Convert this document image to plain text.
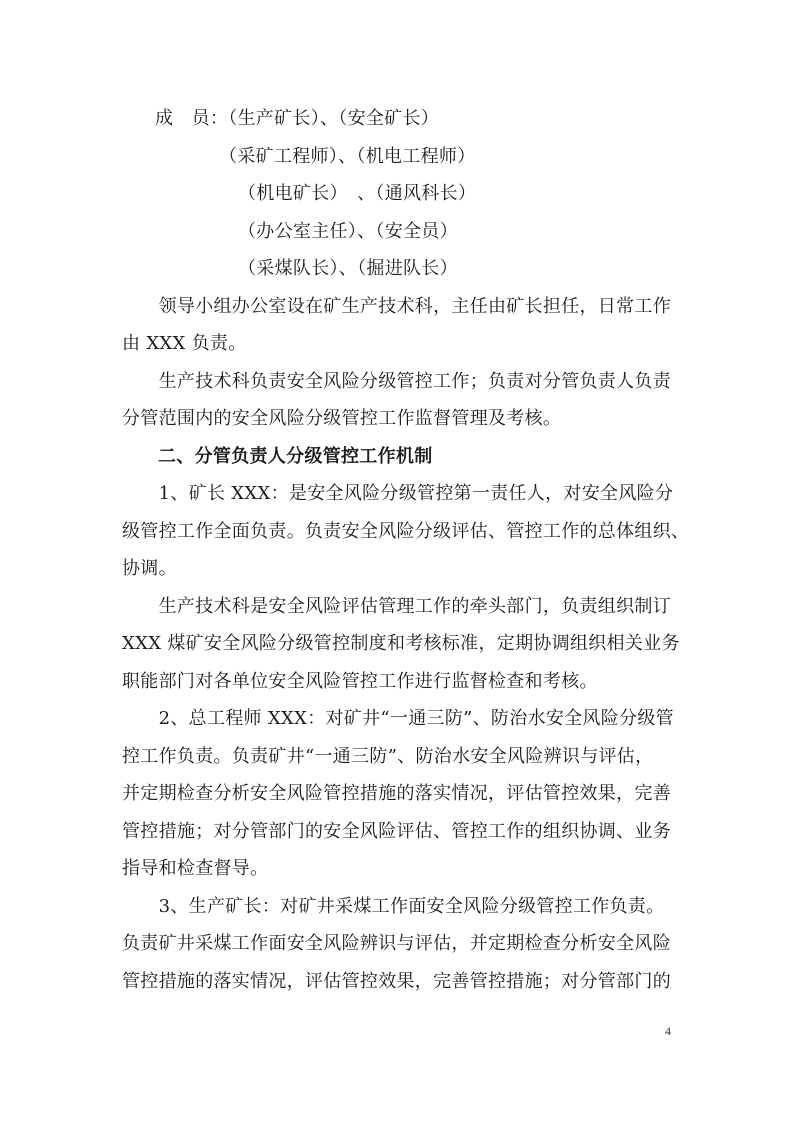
成　员：（生产矿长）、（安全矿长）
（采矿工程师）、（机电工程师）
（机电矿长）　、（通风科长）
（办公室主任）、（安全员）
（采煤队长）、（掘进队长）
　　领导小组办公室设在矿生产技术科，主任由矿长担任，日常工作
由 XXX 负责。
　　生产技术科负责安全风险分级管控工作；负责对分管负责人负责
分管范围内的安全风险分级管控工作监督管理及考核。
二、分管负责人分级管控工作机制
　　1、矿长 XXX：是安全风险分级管控第一责任人，对安全风险分
级管控工作全面负责。负责安全风险分级评估、管控工作的总体组织、
协调。
　　生产技术科是安全风险评估管理工作的牵头部门，负责组织制订
XXX 煤矿安全风险分级管控制度和考核标准，定期协调组织相关业务
职能部门对各单位安全风险管控工作进行监督检查和考核。
　　2、总工程师 XXX：对矿井“一通三防”、防治水安全风险分级管
控工作负责。负责矿井“一通三防”、防治水安全风险辨识与评估，
并定期检查分析安全风险管控措施的落实情况，评估管控效果，完善
管控措施；对分管部门的安全风险评估、管控工作的组织协调、业务
指导和检查督导。
　　3、生产矿长：对矿井采煤工作面安全风险分级管控工作负责。
负责矿井采煤工作面安全风险辨识与评估，并定期检查分析安全风险
管控措施的落实情况，评估管控效果，完善管控措施；对分管部门的
4
